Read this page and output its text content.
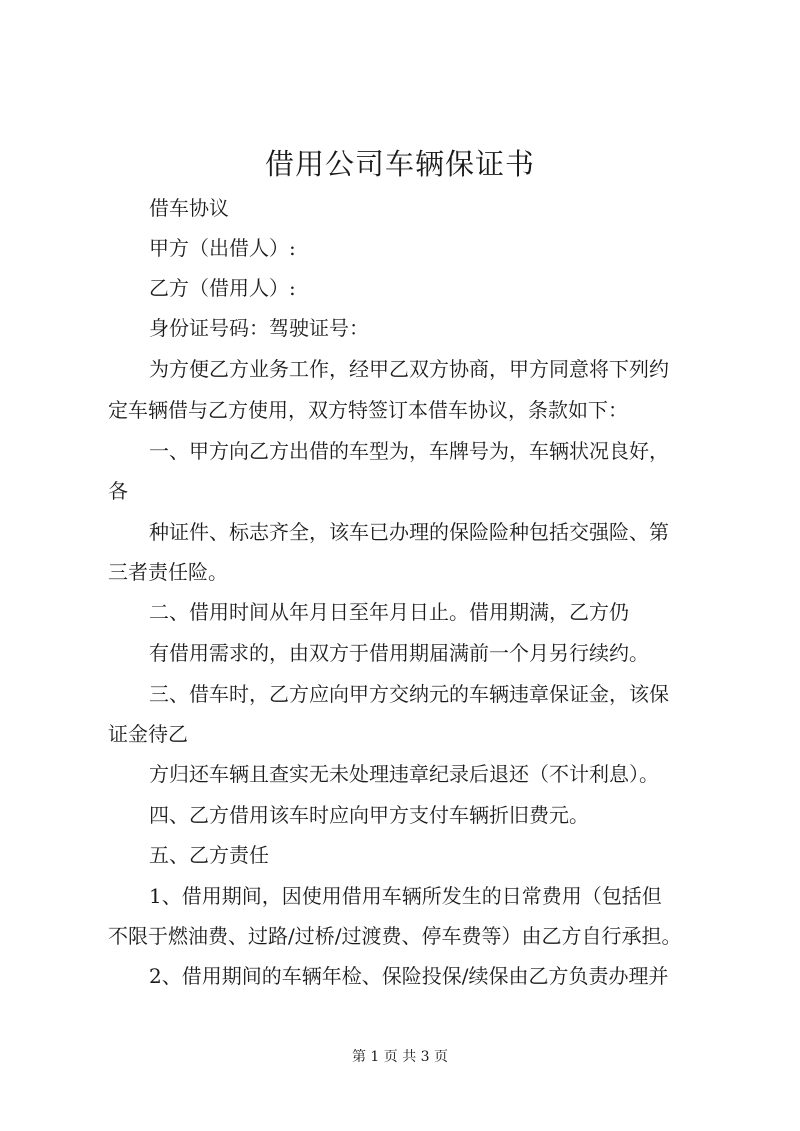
借用公司车辆保证书

借车协议

甲方（出借人）:

乙方（借用人）:

身份证号码：驾驶证号：

为方便乙方业务工作，经甲乙双方协商，甲方同意将下列约

定车辆借与乙方使用，双方特签订本借车协议，条款如下：

一、甲方向乙方出借的车型为，车牌号为，车辆状况良好，

各

种证件、标志齐全，该车已办理的保险险种包括交强险、第

三者责任险。

二、借用时间从年月日至年月日止。借用期满，乙方仍

有借用需求的，由双方于借用期届满前一个月另行续约。

三、借车时，乙方应向甲方交纳元的车辆违章保证金，该保

证金待乙

方归还车辆且查实无未处理违章纪录后退还（不计利息）。

四、乙方借用该车时应向甲方支付车辆折旧费元。

五、乙方责任

1、借用期间，因使用借用车辆所发生的日常费用（包括但

不限于燃油费、过路/过桥/过渡费、停车费等）由乙方自行承担。

2、借用期间的车辆年检、保险投保/续保由乙方负责办理并

第 1 页 共 3 页
